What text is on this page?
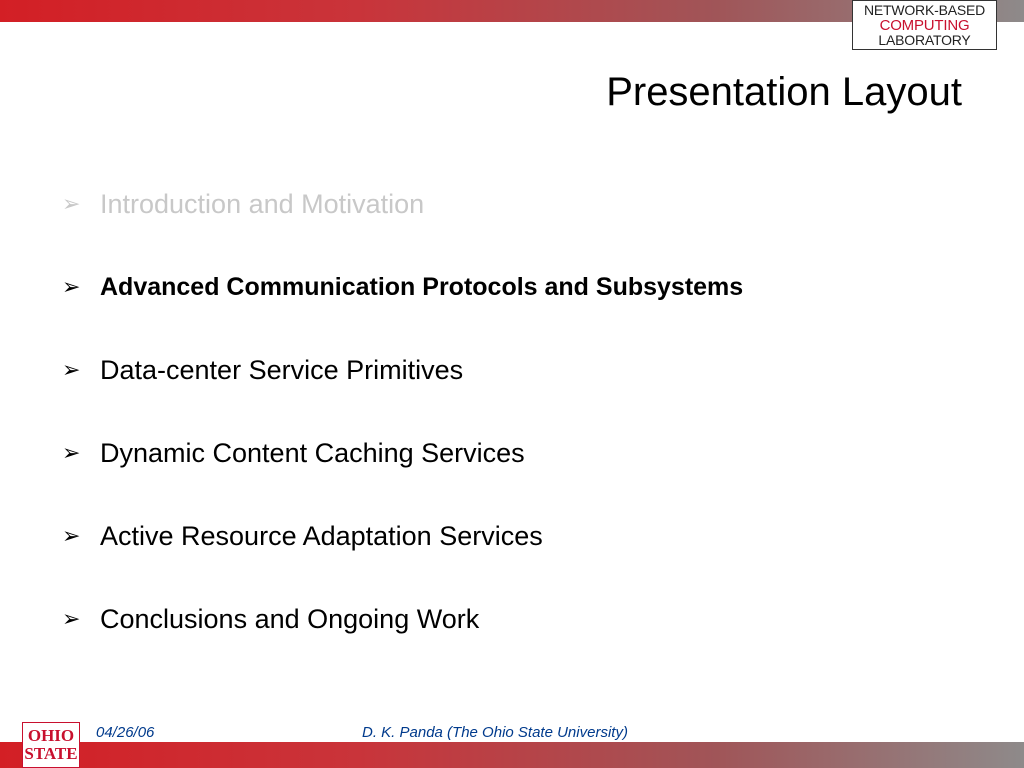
NETWORK-BASED
COMPUTING
LABORATORY
Presentation Layout
➢ Introduction and Motivation
➢ Advanced Communication Protocols and Subsystems
➢ Data-center Service Primitives
➢ Dynamic Content Caching Services
➢ Active Resource Adaptation Services
➢ Conclusions and Ongoing Work
OHIO
STATE
04/26/06	D. K. Panda (The Ohio State University)
